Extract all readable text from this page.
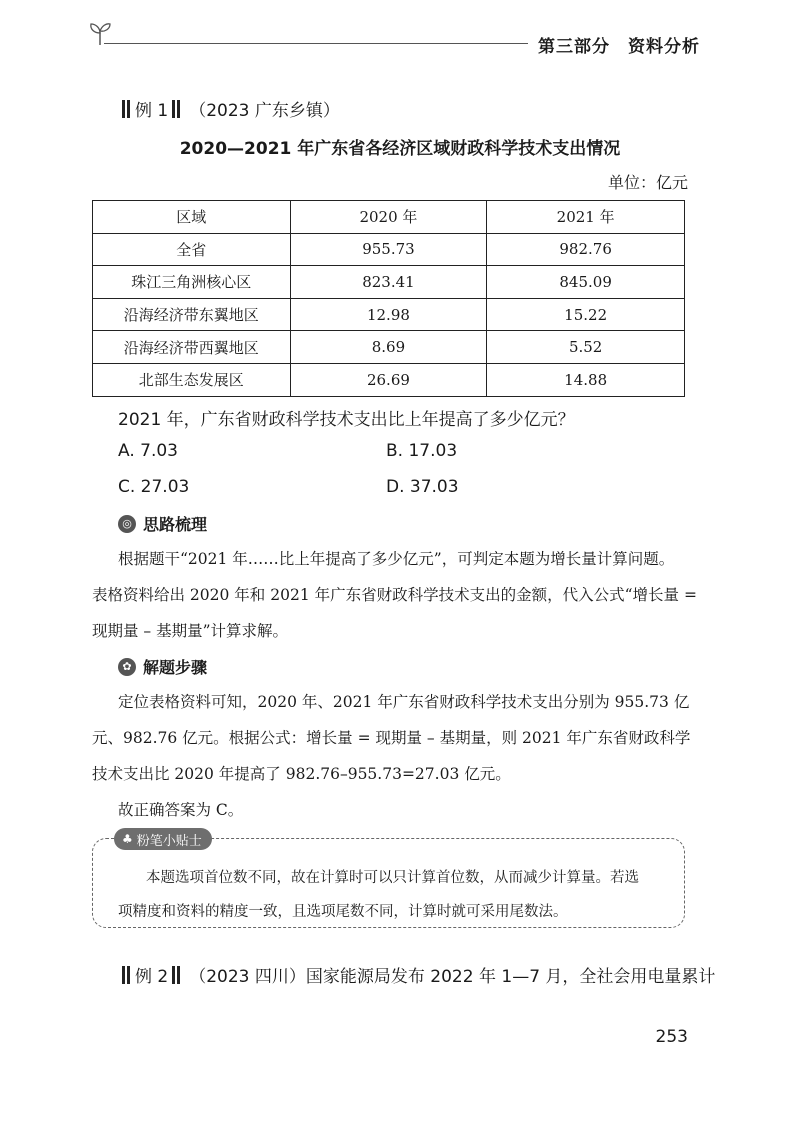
第三部分　资料分析
例 1 （2023 广东乡镇）
2020—2021 年广东省各经济区域财政科学技术支出情况
单位：亿元
区域	2020 年	2021 年
全省	955.73	982.76
珠江三角洲核心区	823.41	845.09
沿海经济带东翼地区	12.98	15.22
沿海经济带西翼地区	8.69	5.52
北部生态发展区	26.69	14.88
2021 年，广东省财政科学技术支出比上年提高了多少亿元？
A. 7.03	B. 17.03
C. 27.03	D. 37.03
◎ 思路梳理
根据题干“2021 年……比上年提高了多少亿元”，可判定本题为增长量计算问题。
表格资料给出 2020 年和 2021 年广东省财政科学技术支出的金额，代入公式“增长量 =
现期量 – 基期量”计算求解。
✿ 解题步骤
定位表格资料可知，2020 年、2021 年广东省财政科学技术支出分别为 955.73 亿
元、982.76 亿元。根据公式：增长量 = 现期量 – 基期量，则 2021 年广东省财政科学
技术支出比 2020 年提高了 982.76–955.73=27.03 亿元。
故正确答案为 C。
♣ 粉笔小贴士
本题选项首位数不同，故在计算时可以只计算首位数，从而减少计算量。若选
项精度和资料的精度一致，且选项尾数不同，计算时就可采用尾数法。
例 2 （2023 四川）国家能源局发布 2022 年 1—7 月，全社会用电量累计
253
